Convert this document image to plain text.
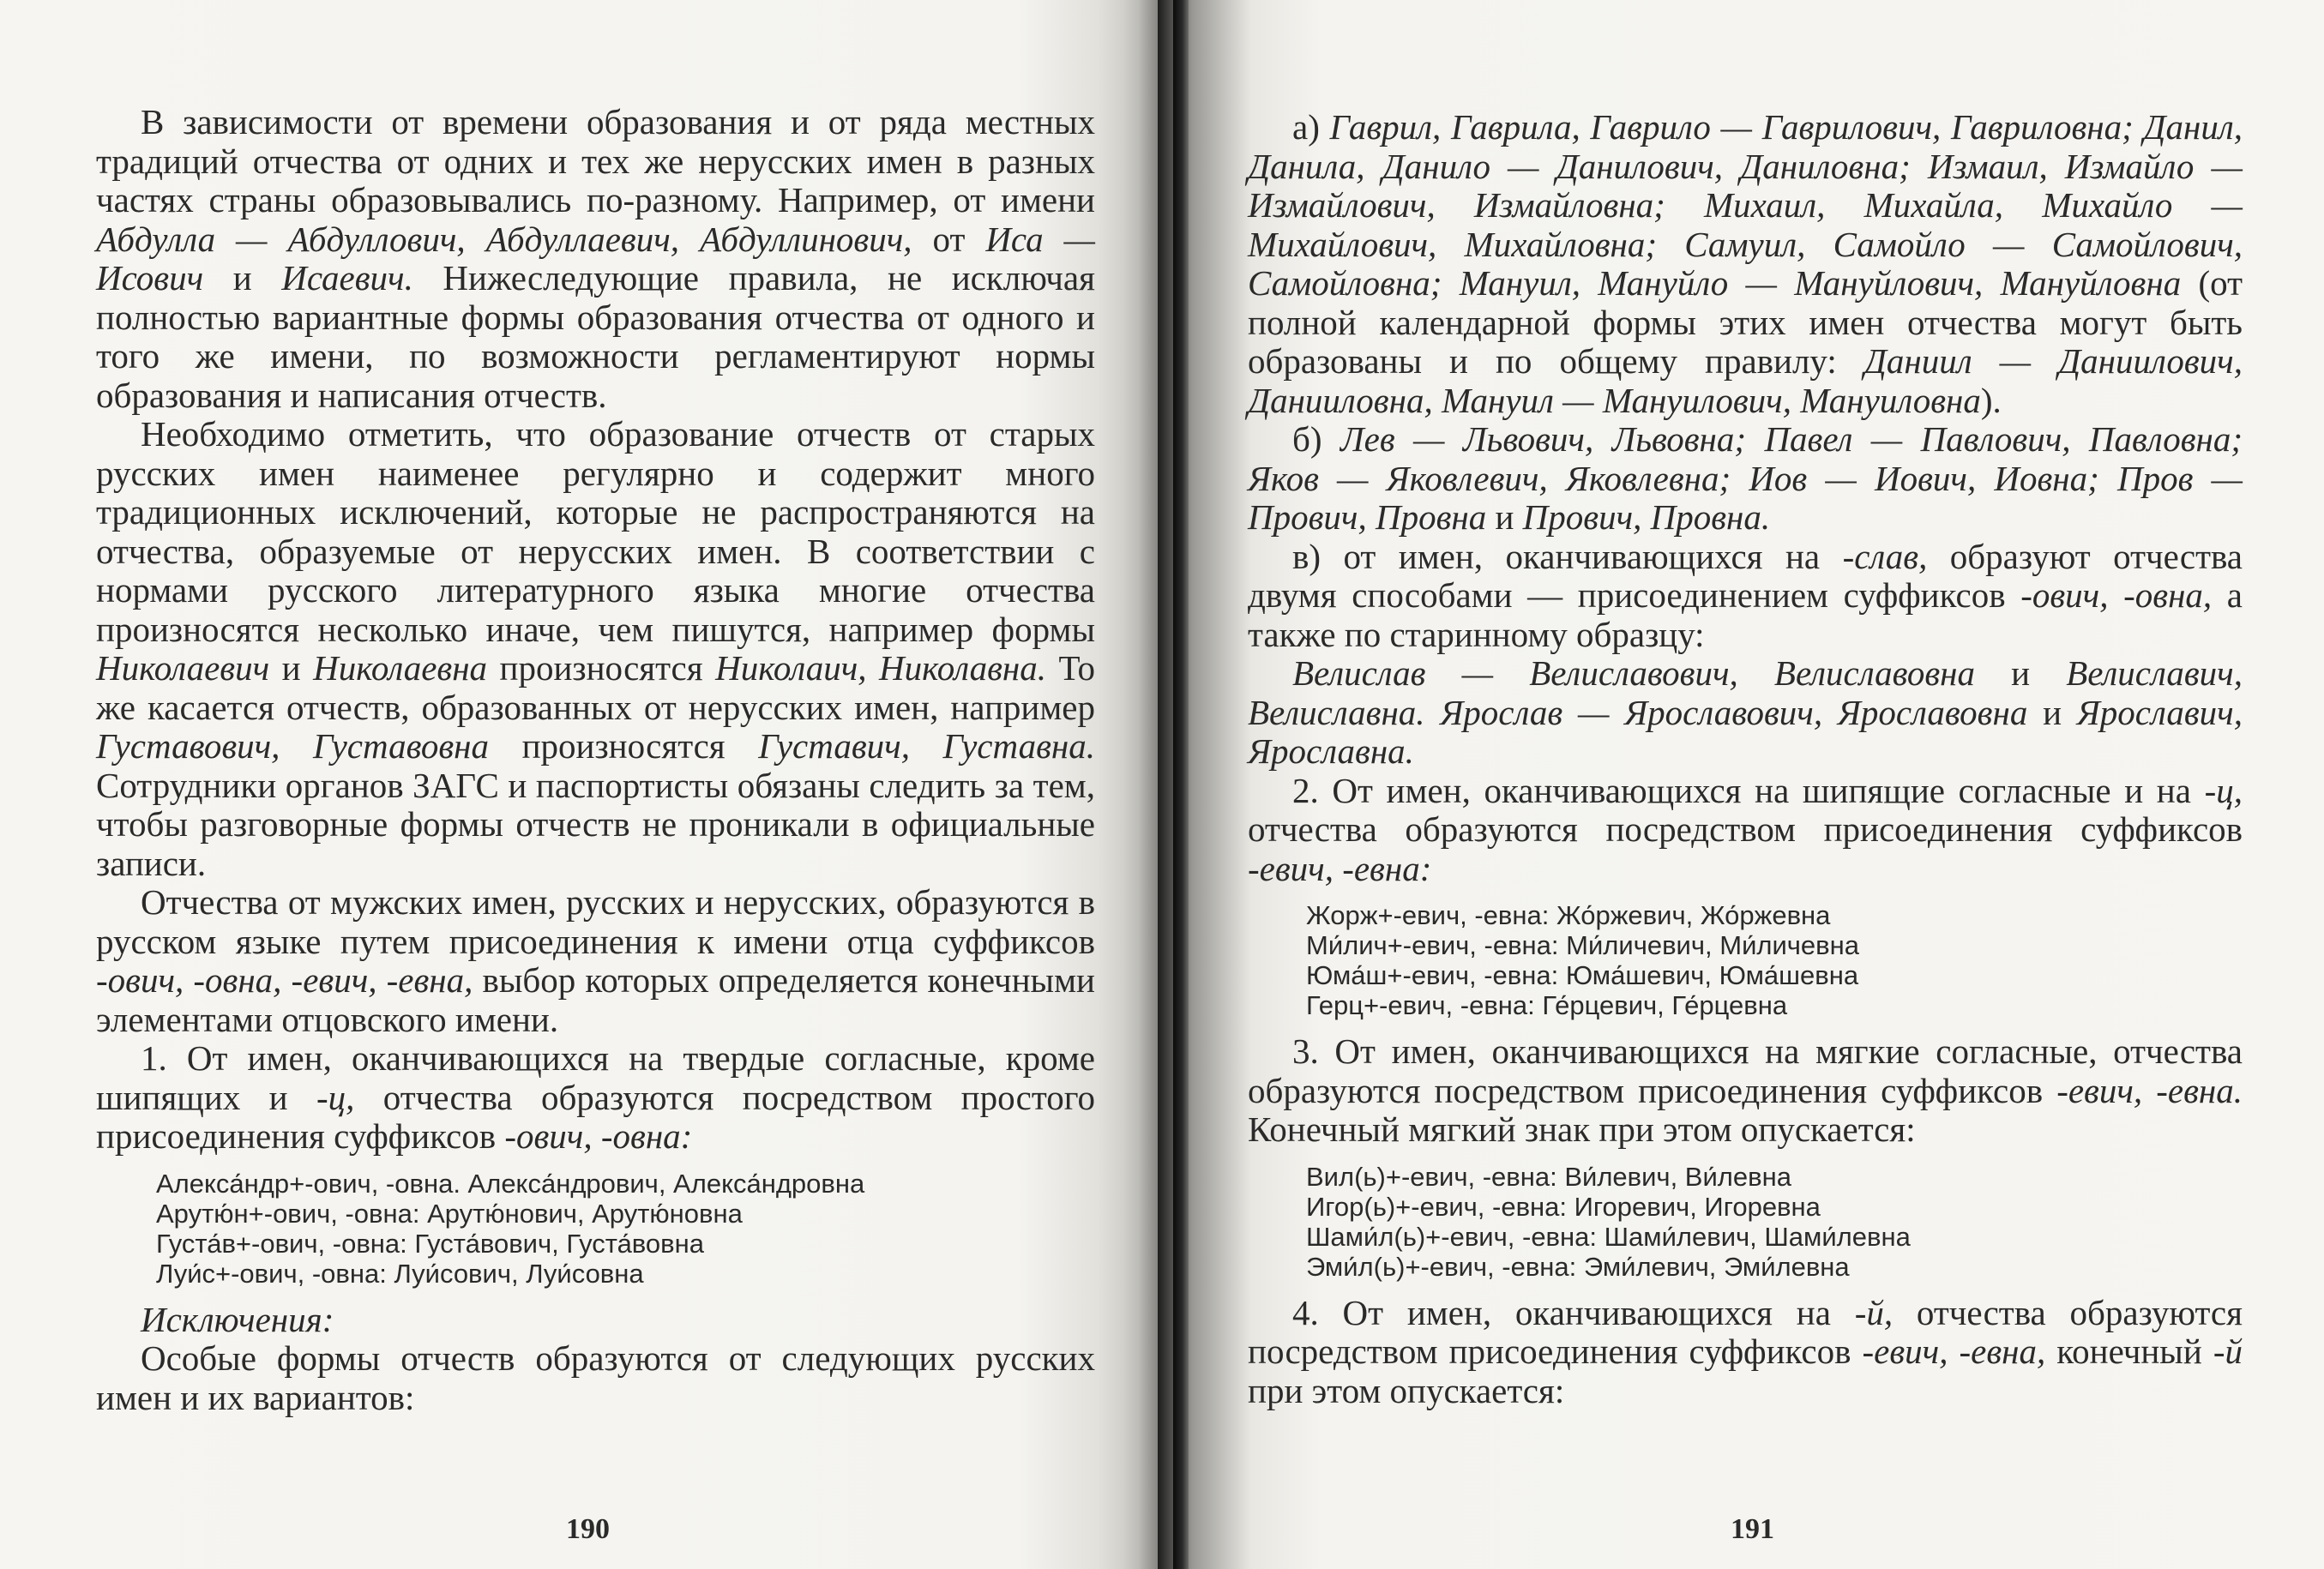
В зависимости от времени образования и от ряда местных традиций отчества от одних и тех же нерусских имен в разных частях страны образовывались по-разному. Например, от имени Абдулла — Абдуллович, Абдуллаевич, Абдуллинович, от Иса — Исович и Исаевич. Нижеследующие правила, не исключая полностью вариантные формы образования отчества от одного и того же имени, по возможности регламентируют нормы образования и написания отчеств.

Необходимо отметить, что образование отчеств от старых русских имен наименее регулярно и содержит много традиционных исключений, которые не распространяются на отчества, образуемые от нерусских имен. В соответствии с нормами русского литературного языка многие отчества произносятся несколько иначе, чем пишутся, например формы Николаевич и Николаевна произносятся Николаич, Николавна. То же касается отчеств, образованных от нерусских имен, например Густавович, Густавовна произносятся Густавич, Густавна. Сотрудники органов ЗАГС и паспортисты обязаны следить за тем, чтобы разговорные формы отчеств не проникали в официальные записи.

Отчества от мужских имен, русских и нерусских, образуются в русском языке путем присоединения к имени отца суффиксов -ович, -овна, -евич, -евна, выбор которых определяется конечными элементами отцовского имени.

1. От имен, оканчивающихся на твердые согласные, кроме шипящих и -ц, отчества образуются посредством простого присоединения суффиксов -ович, -овна:

Алекса́ндр+-ович, -овна. Алекса́ндрович, Алекса́ндровна
Арутю́н+-ович, -овна: Арутю́нович, Арутю́новна
Густа́в+-ович, -овна: Густа́вович, Густа́вовна
Луи́с+-ович, -овна: Луи́сович, Луи́совна

Исключения:

Особые формы отчеств образуются от следующих русских имен и их вариантов:

190

а) Гаврил, Гаврила, Гаврило — Гаврилович, Гавриловна; Данил, Данила, Данило — Данилович, Даниловна; Измаил, Измайло — Измайлович, Измайловна; Михаил, Михайла, Михайло — Михайлович, Михайловна; Самуил, Самойло — Самойлович, Самойловна; Мануил, Мануйло — Мануйлович, Мануйловна (от полной календарной формы этих имен отчества могут быть образованы и по общему правилу: Даниил — Даниилович, Данииловна, Мануил — Мануилович, Мануиловна).

б) Лев — Львович, Львовна; Павел — Павлович, Павловна; Яков — Яковлевич, Яковлевна; Иов — Иович, Иовна; Пров — Прович, Провна и Прович, Провна.

в) от имен, оканчивающихся на -слав, образуют отчества двумя способами — присоединением суффиксов -ович, -овна, а также по старинному образцу:

Велислав — Велиславович, Велиславовна и Велиславич, Велиславна. Ярослав — Ярославович, Ярославовна и Ярославич, Ярославна.

2. От имен, оканчивающихся на шипящие согласные и на -ц, отчества образуются посредством присоединения суффиксов -евич, -евна:

Жорж+-евич, -евна: Жо́ржевич, Жо́ржевна
Ми́лич+-евич, -евна: Ми́личевич, Ми́личевна
Юма́ш+-евич, -евна: Юма́шевич, Юма́шевна
Герц+-евич, -евна: Ге́рцевич, Ге́рцевна

3. От имен, оканчивающихся на мягкие согласные, отчества образуются посредством присоединения суффиксов -евич, -евна. Конечный мягкий знак при этом опускается:

Вил(ь)+-евич, -евна: Ви́левич, Ви́левна
Игор(ь)+-евич, -евна: Игоревич, Игоревна
Шами́л(ь)+-евич, -евна: Шами́левич, Шами́левна
Эми́л(ь)+-евич, -евна: Эми́левич, Эми́левна

4. От имен, оканчивающихся на -й, отчества образуются посредством присоединения суффиксов -евич, -евна, конечный -й при этом опускается:

191
